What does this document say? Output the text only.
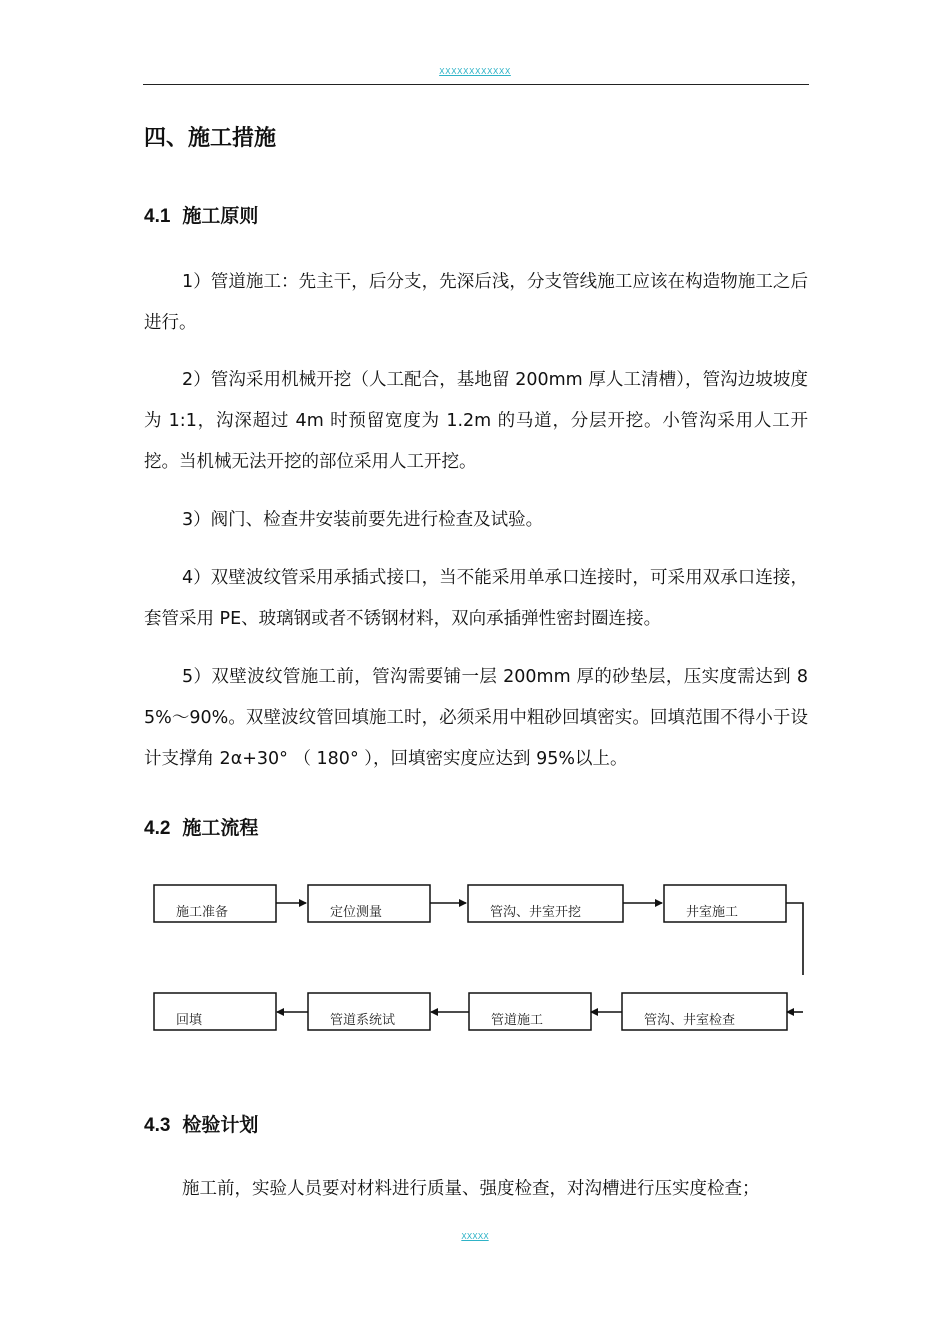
XXXXXXXXXXXX
四、施工措施
4.1 施工原则
1）管道施工：先主干，后分支，先深后浅，分支管线施工应该在构造物施工之后进行。
2）管沟采用机械开挖（人工配合，基地留 200mm 厚人工清槽），管沟边坡坡度为 1:1，沟深超过 4m 时预留宽度为 1.2m 的马道，分层开挖。小管沟采用人工开挖。当机械无法开挖的部位采用人工开挖。
3）阀门、检查井安装前要先进行检查及试验。
4）双壁波纹管采用承插式接口，当不能采用单承口连接时，可采用双承口连接，套管采用 PE、玻璃钢或者不锈钢材料，双向承插弹性密封圈连接。
5）双壁波纹管施工前，管沟需要铺一层 200mm 厚的砂垫层，压实度需达到 85%～90%。双壁波纹管回填施工时，必须采用中粗砂回填密实。回填范围不得小于设计支撑角 2α+30° （ 180° ），回填密实度应达到 95%以上。
4.2 施工流程
施工准备	定位测量	管沟、井室开挖	井室施工
回填	管道系统试	管道施工	管沟、井室检查
4.3 检验计划
施工前，实验人员要对材料进行质量、强度检查，对沟槽进行压实度检查；
XXXXX
